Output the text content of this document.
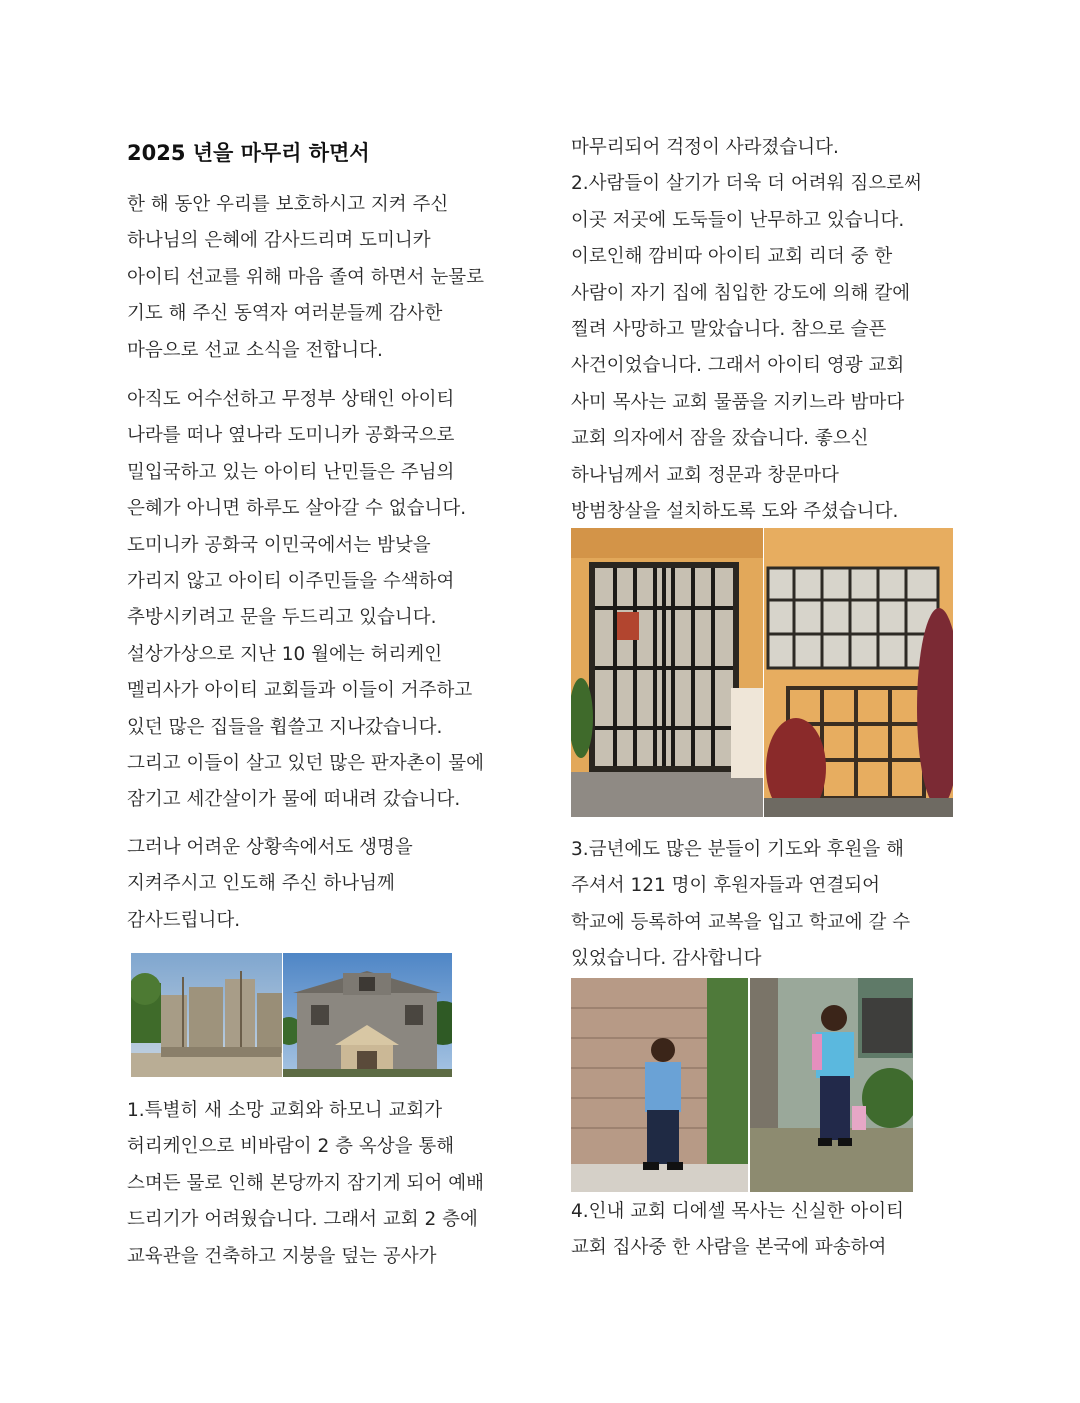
2025 년을 마무리 하면서
한 해 동안 우리를 보호하시고 지켜 주신
하나님의 은혜에 감사드리며 도미니카
아이티 선교를 위해 마음 졸여 하면서 눈물로
기도 해 주신 동역자 여러분들께 감사한
마음으로 선교 소식을 전합니다.
아직도 어수선하고 무정부 상태인 아이티
나라를 떠나 옆나라 도미니카 공화국으로
밀입국하고 있는 아이티 난민들은 주님의
은혜가 아니면 하루도 살아갈 수 없습니다.
도미니카 공화국 이민국에서는 밤낮을
가리지 않고 아이티 이주민들을 수색하여
추방시키려고 문을 두드리고 있습니다.
설상가상으로 지난 10 월에는 허리케인
멜리사가 아이티 교회들과 이들이 거주하고
있던 많은 집들을 휩쓸고 지나갔습니다.
그리고 이들이 살고 있던 많은 판자촌이 물에
잠기고 세간살이가 물에 떠내려 갔습니다.
그러나 어려운 상황속에서도 생명을
지켜주시고 인도해 주신 하나님께
감사드립니다.
1.특별히 새 소망 교회와 하모니 교회가
허리케인으로 비바람이 2 층 옥상을 통해
스며든 물로 인해 본당까지 잠기게 되어 예배
드리기가 어려웠습니다. 그래서 교회 2 층에
교육관을 건축하고 지붕을 덮는 공사가
마무리되어 걱정이 사라졌습니다.
2.사람들이 살기가 더욱 더 어려워 짐으로써
이곳 저곳에 도둑들이 난무하고 있습니다.
이로인해 깜비따 아이티 교회 리더 중 한
사람이 자기 집에 침입한 강도에 의해 칼에
찔려 사망하고 말았습니다. 참으로 슬픈
사건이었습니다. 그래서 아이티 영광 교회
사미 목사는 교회 물품을 지키느라 밤마다
교회 의자에서 잠을 잤습니다. 좋으신
하나님께서 교회 정문과 창문마다
방범창살을 설치하도록 도와 주셨습니다.
3.금년에도 많은 분들이 기도와 후원을 해
주셔서 121 명이 후원자들과 연결되어
학교에 등록하여 교복을 입고 학교에 갈 수
있었습니다. 감사합니다
4.인내 교회 디에셀 목사는 신실한 아이티
교회 집사중 한 사람을 본국에 파송하여
